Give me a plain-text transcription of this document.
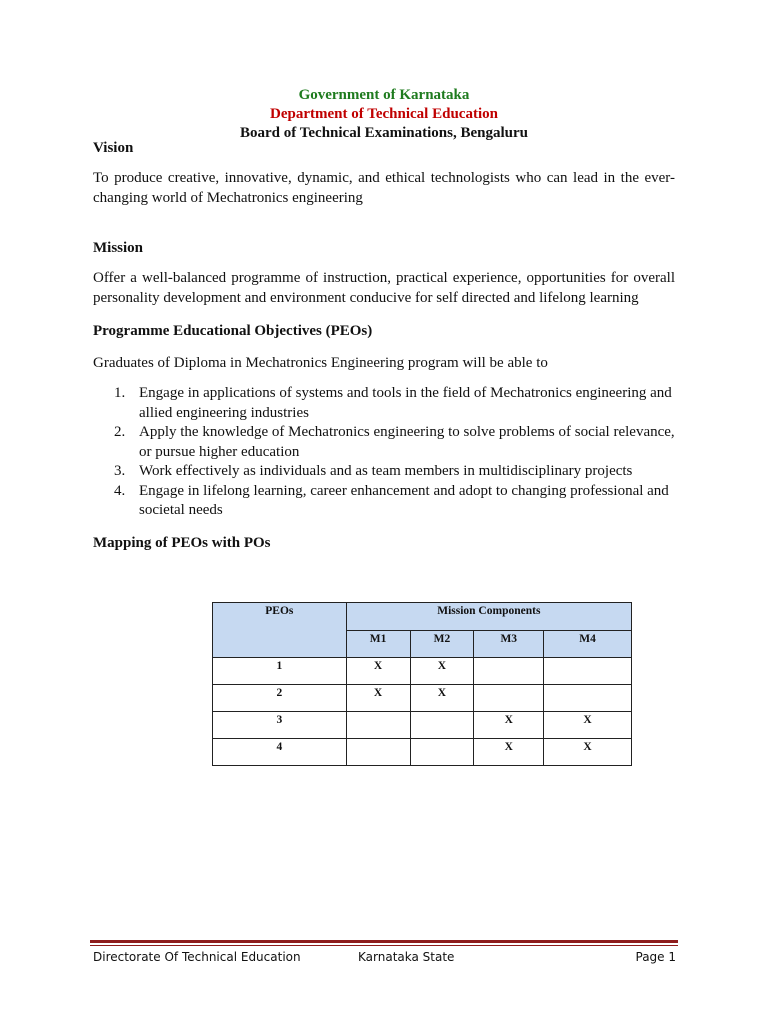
Government of Karnataka
Department of Technical Education
Board of Technical Examinations, Bengaluru

Vision

To produce creative, innovative, dynamic, and ethical technologists who can lead in the ever-changing world of Mechatronics engineering

Mission

Offer a well-balanced programme of instruction, practical experience, opportunities for overall personality development and environment conducive for self directed and lifelong learning

Programme Educational Objectives (PEOs)

Graduates of Diploma in Mechatronics Engineering program will be able to

1. Engage in applications of systems and tools in the field of Mechatronics engineering and allied engineering industries
2. Apply the knowledge of Mechatronics engineering to solve problems of social relevance, or pursue higher education
3. Work effectively as individuals and as team members in multidisciplinary projects
4. Engage in lifelong learning, career enhancement and adopt to changing professional and societal needs

Mapping of PEOs with POs

PEOs	Mission Components			
	M1	M2	M3	M4
1	X	X		
2	X	X		
3			X	X
4			X	X
Directorate Of Technical Education	Karnataka State	Page 1
